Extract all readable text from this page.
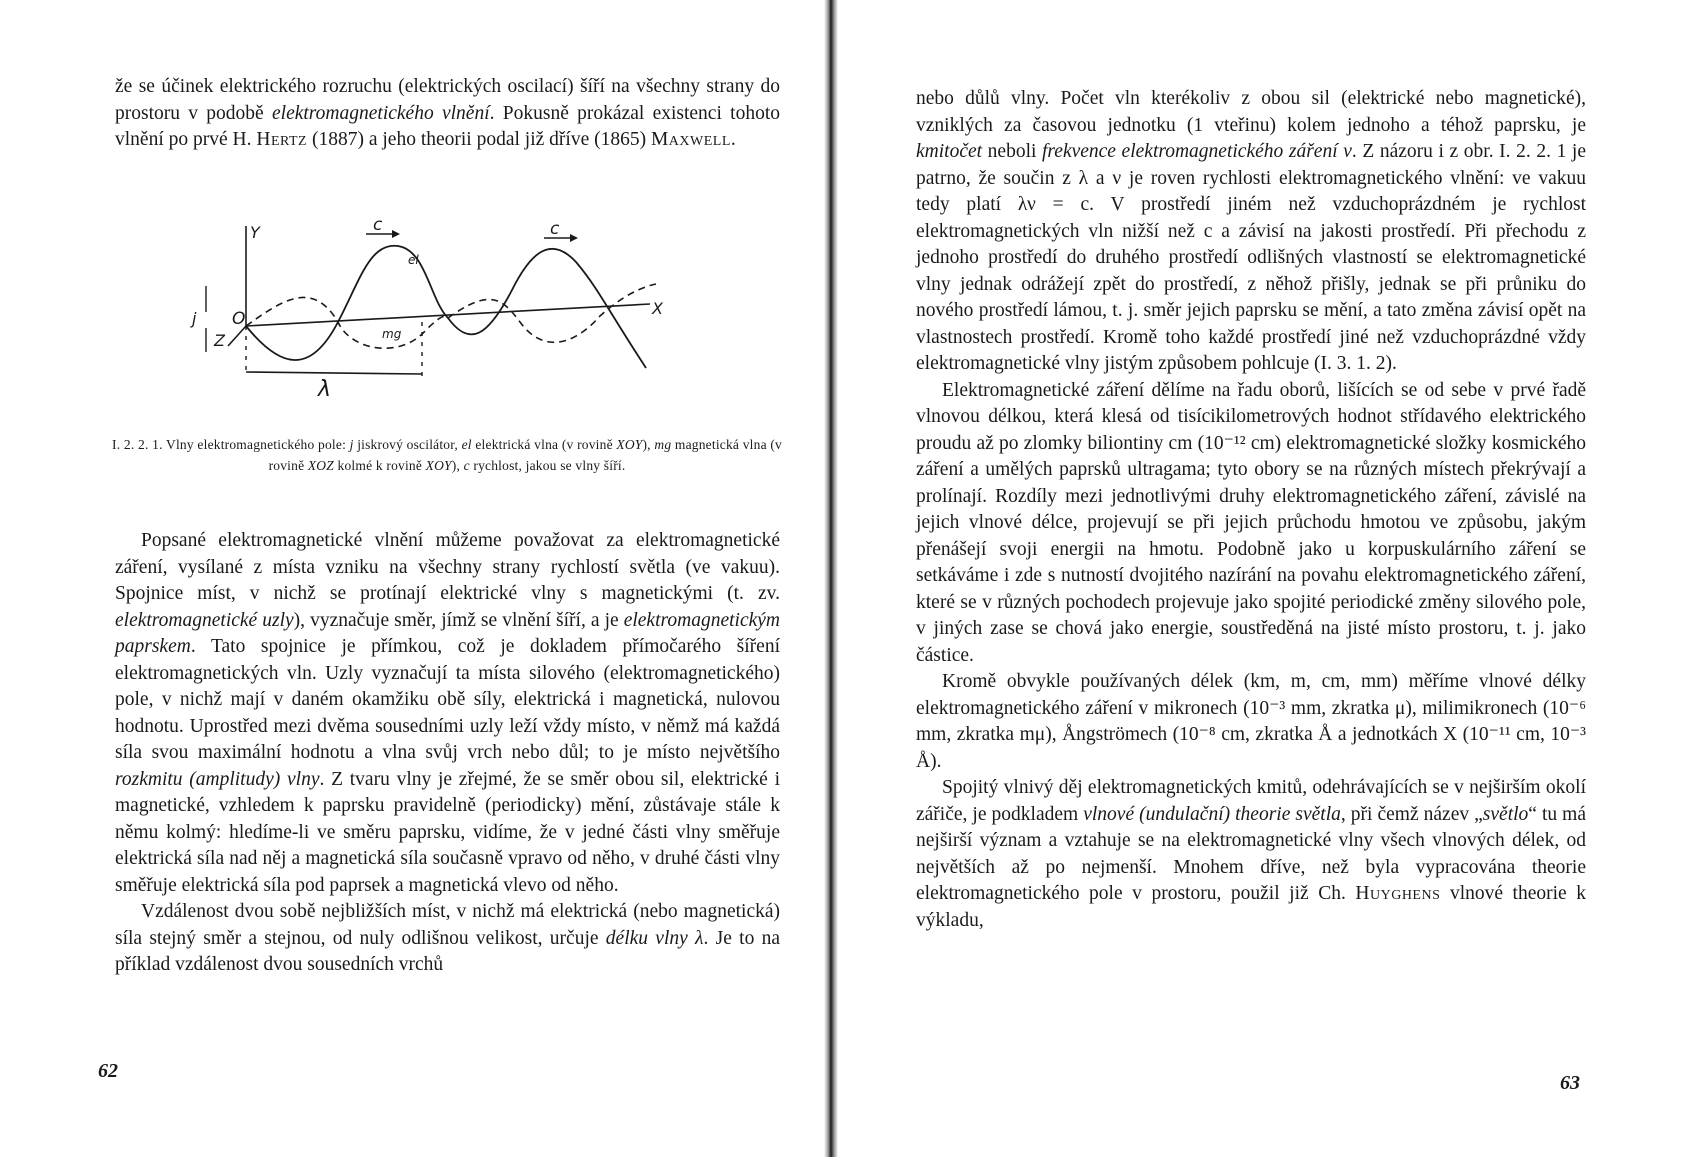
že se účinek elektrického rozruchu (elektrických oscilací) šíří na všechny strany do prostoru v podobě elektromagnetického vlnění. Pokusně prokázal existenci tohoto vlnění po prvé H. Hertz (1887) a jeho theorii podal již dříve (1865) Maxwell.

Y
X
Z
O
j
c	c
el
mg
λ
I. 2. 2. 1. Vlny elektromagnetického pole: j jiskrový oscilátor, el elektrická vlna (v rovině XOY), mg magnetická vlna (v rovině XOZ kolmé k rovině XOY), c rychlost, jakou se vlny šíří.

Popsané elektromagnetické vlnění můžeme považovat za elektromagnetické záření, vysílané z místa vzniku na všechny strany rychlostí světla (ve vakuu). Spojnice míst, v nichž se protínají elektrické vlny s magnetickými (t. zv. elektromagnetické uzly), vyznačuje směr, jímž se vlnění šíří, a je elektromagnetickým paprskem. Tato spojnice je přímkou, což je dokladem přímočarého šíření elektromagnetických vln. Uzly vyznačují ta místa silového (elektromagnetického) pole, v nichž mají v daném okamžiku obě síly, elektrická i magnetická, nulovou hodnotu. Uprostřed mezi dvěma sousedními uzly leží vždy místo, v němž má každá síla svou maximální hodnotu a vlna svůj vrch nebo důl; to je místo největšího rozkmitu (amplitudy) vlny. Z tvaru vlny je zřejmé, že se směr obou sil, elektrické i magnetické, vzhledem k paprsku pravidelně (periodicky) mění, zůstávaje stále k němu kolmý: hledíme-li ve směru paprsku, vidíme, že v jedné části vlny směřuje elektrická síla nad něj a magnetická síla současně vpravo od něho, v druhé části vlny směřuje elektrická síla pod paprsek a magnetická vlevo od něho.

Vzdálenost dvou sobě nejbližších míst, v nichž má elektrická (nebo magnetická) síla stejný směr a stejnou, od nuly odlišnou velikost, určuje délku vlny λ. Je to na příklad vzdálenost dvou sousedních vrchů

62

nebo důlů vlny. Počet vln kterékoliv z obou sil (elektrické nebo magnetické), vzniklých za časovou jednotku (1 vteřinu) kolem jednoho a téhož paprsku, je kmitočet neboli frekvence elektromagnetického záření ν. Z názoru i z obr. I. 2. 2. 1 je patrno, že součin z λ a ν je roven rychlosti elektromagnetického vlnění: ve vakuu tedy platí λν = c. V prostředí jiném než vzduchoprázdném je rychlost elektromagnetických vln nižší než c a závisí na jakosti prostředí. Při přechodu z jednoho prostředí do druhého prostředí odlišných vlastností se elektromagnetické vlny jednak odrážejí zpět do prostředí, z něhož přišly, jednak se při průniku do nového prostředí lámou, t. j. směr jejich paprsku se mění, a tato změna závisí opět na vlastnostech prostředí. Kromě toho každé prostředí jiné než vzduchoprázdné vždy elektromagnetické vlny jistým způsobem pohlcuje (I. 3. 1. 2).

Elektromagnetické záření dělíme na řadu oborů, lišících se od sebe v prvé řadě vlnovou délkou, která klesá od tisícikilometrových hodnot střídavého elektrického proudu až po zlomky biliontiny cm (10⁻¹² cm) elektromagnetické složky kosmického záření a umělých paprsků ultragama; tyto obory se na různých místech překrývají a prolínají. Rozdíly mezi jednotlivými druhy elektromagnetického záření, závislé na jejich vlnové délce, projevují se při jejich průchodu hmotou ve způsobu, jakým přenášejí svoji energii na hmotu. Podobně jako u korpuskulárního záření se setkáváme i zde s nutností dvojitého nazírání na povahu elektromagnetického záření, které se v různých pochodech projevuje jako spojité periodické změny silového pole, v jiných zase se chová jako energie, soustředěná na jisté místo prostoru, t. j. jako částice.

Kromě obvykle používaných délek (km, m, cm, mm) měříme vlnové délky elektromagnetického záření v mikronech (10⁻³ mm, zkratka μ), milimikronech (10⁻⁶ mm, zkratka mμ), Ångströmech (10⁻⁸ cm, zkratka Å a jednotkách X (10⁻¹¹ cm, 10⁻³ Å).

Spojitý vlnivý děj elektromagnetických kmitů, odehrávajících se v nejširším okolí zářiče, je podkladem vlnové (undulační) theorie světla, při čemž název „světlo“ tu má nejširší význam a vztahuje se na elektromagnetické vlny všech vlnových délek, od největších až po nejmenší. Mnohem dříve, než byla vypracována theorie elektromagnetického pole v prostoru, použil již Ch. Huyghens vlnové theorie k výkladu,

63
